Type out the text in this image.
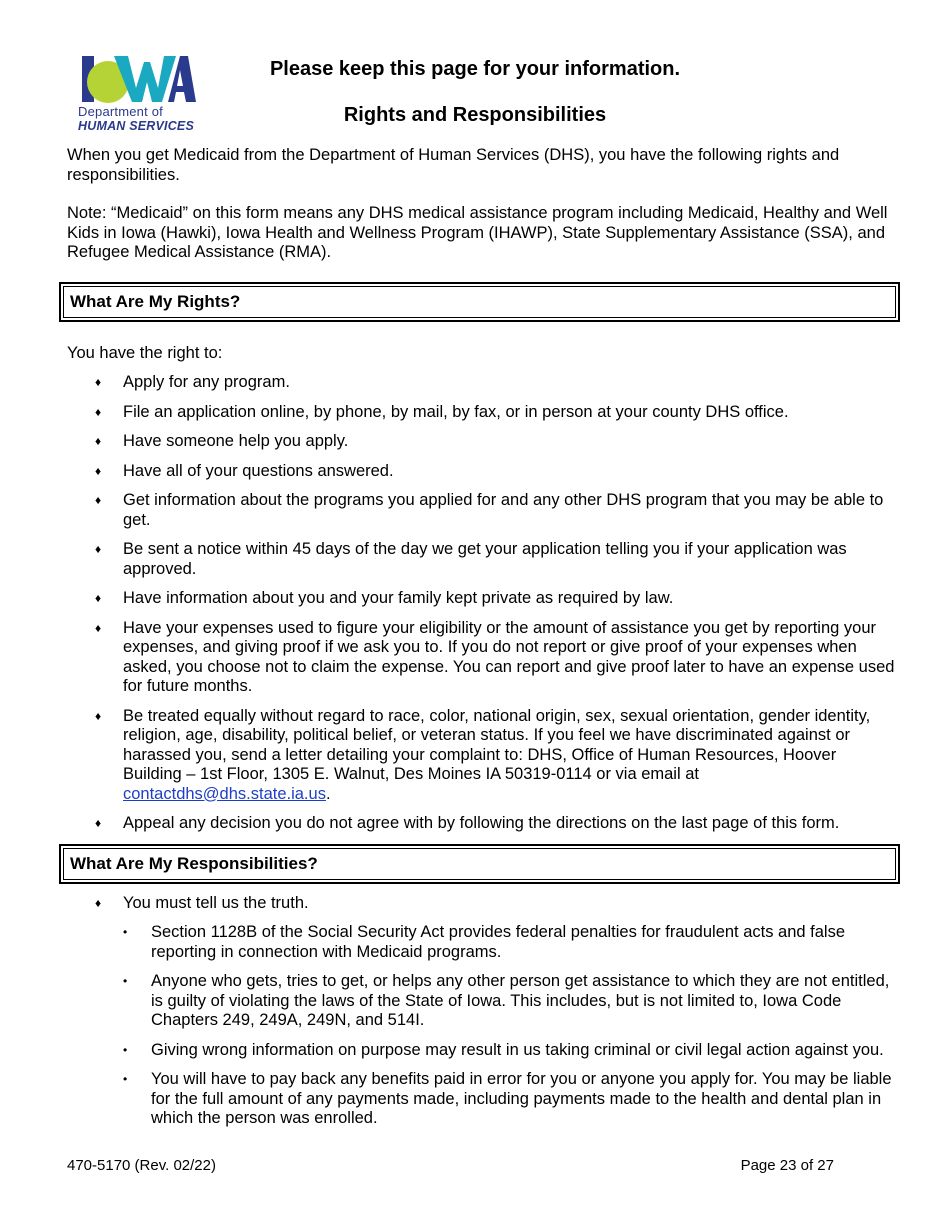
Department of
HUMAN SERVICES
Please keep this page for your information.
Rights and Responsibilities

When you get Medicaid from the Department of Human Services (DHS), you have the following rights and responsibilities.

Note: “Medicaid” on this form means any DHS medical assistance program including Medicaid, Healthy and Well Kids in Iowa (Hawki), Iowa Health and Wellness Program (IHAWP), State Supplementary Assistance (SSA), and Refugee Medical Assistance (RMA).

What Are My Rights?

You have the right to:

♦ Apply for any program.
♦ File an application online, by phone, by mail, by fax, or in person at your county DHS office.
♦ Have someone help you apply.
♦ Have all of your questions answered.
♦ Get information about the programs you applied for and any other DHS program that you may be able to get.
♦ Be sent a notice within 45 days of the day we get your application telling you if your application was approved.
♦ Have information about you and your family kept private as required by law.
♦ Have your expenses used to figure your eligibility or the amount of assistance you get by reporting your expenses, and giving proof if we ask you to. If you do not report or give proof of your expenses when asked, you choose not to claim the expense. You can report and give proof later to have an expense used for future months.
♦ Be treated equally without regard to race, color, national origin, sex, sexual orientation, gender identity, religion, age, disability, political belief, or veteran status. If you feel we have discriminated against or harassed you, send a letter detailing your complaint to: DHS, Office of Human Resources, Hoover Building – 1st Floor, 1305 E. Walnut, Des Moines IA 50319-0114 or via email at contactdhs@dhs.state.ia.us.
♦ Appeal any decision you do not agree with by following the directions on the last page of this form.
What Are My Responsibilities?
♦ You must tell us the truth.
• Section 1128B of the Social Security Act provides federal penalties for fraudulent acts and false reporting in connection with Medicaid programs.
• Anyone who gets, tries to get, or helps any other person get assistance to which they are not entitled, is guilty of violating the laws of the State of Iowa. This includes, but is not limited to, Iowa Code Chapters 249, 249A, 249N, and 514I.
• Giving wrong information on purpose may result in us taking criminal or civil legal action against you.
• You will have to pay back any benefits paid in error for you or anyone you apply for. You may be liable for the full amount of any payments made, including payments made to the health and dental plan in which the person was enrolled.
470-5170 (Rev. 02/22)	Page 23 of 27
